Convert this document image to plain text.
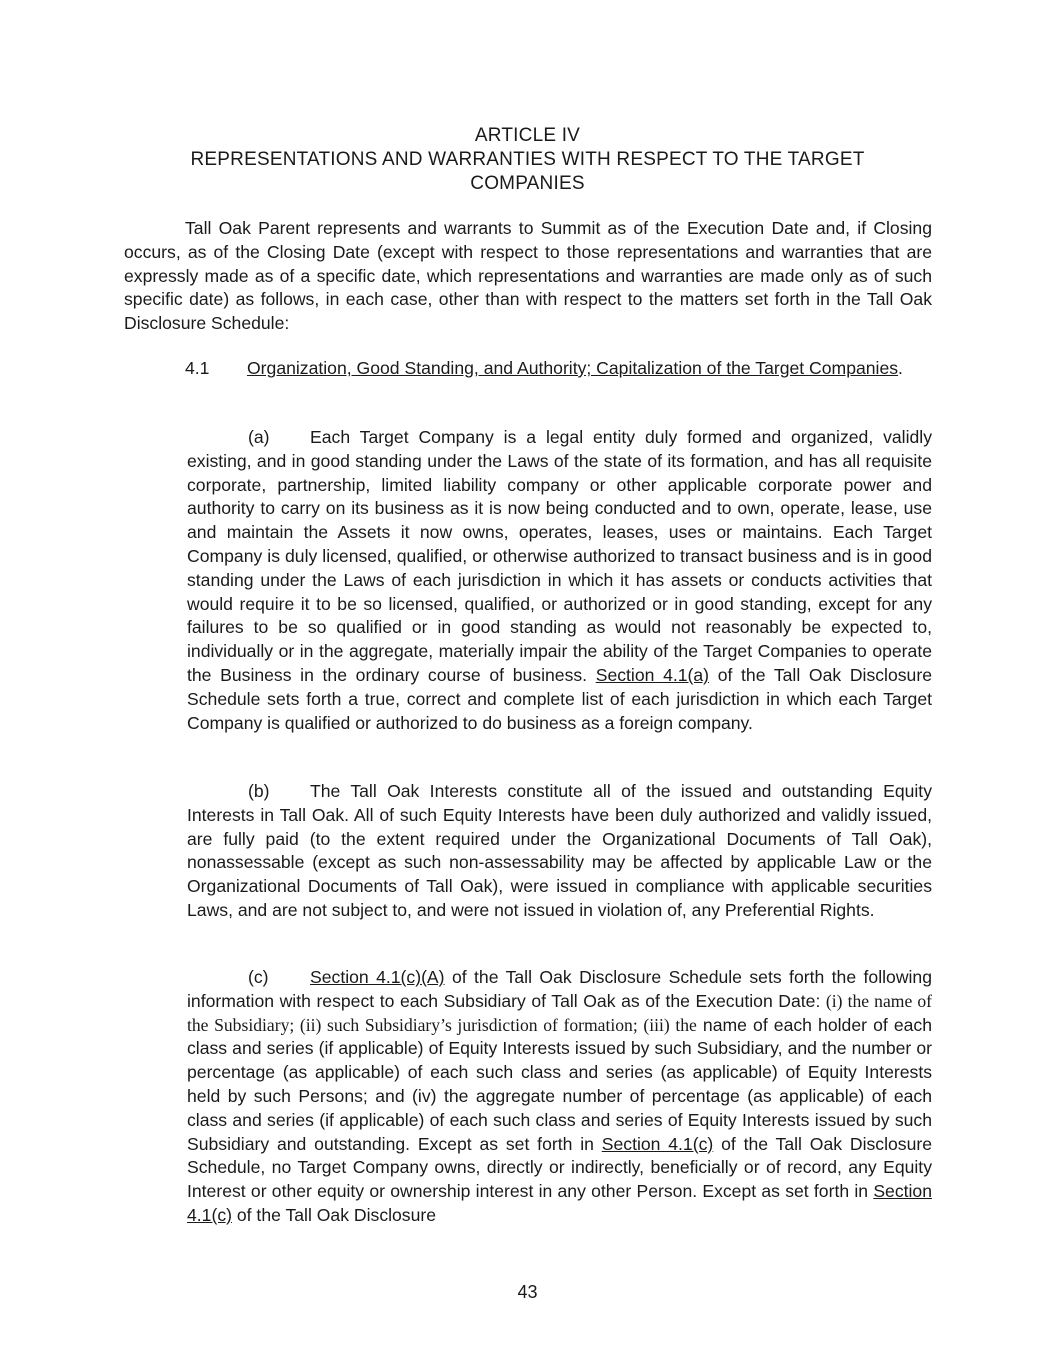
ARTICLE IV
REPRESENTATIONS AND WARRANTIES WITH RESPECT TO THE TARGET
COMPANIES

Tall Oak Parent represents and warrants to Summit as of the Execution Date and, if Closing occurs, as of the Closing Date (except with respect to those representations and warranties that are expressly made as of a specific date, which representations and warranties are made only as of such specific date) as follows, in each case, other than with respect to the matters set forth in the Tall Oak Disclosure Schedule:

4.1 Organization, Good Standing, and Authority; Capitalization of the Target Companies.

(a) Each Target Company is a legal entity duly formed and organized, validly existing, and in good standing under the Laws of the state of its formation, and has all requisite corporate, partnership, limited liability company or other applicable corporate power and authority to carry on its business as it is now being conducted and to own, operate, lease, use and maintain the Assets it now owns, operates, leases, uses or maintains. Each Target Company is duly licensed, qualified, or otherwise authorized to transact business and is in good standing under the Laws of each jurisdiction in which it has assets or conducts activities that would require it to be so licensed, qualified, or authorized or in good standing, except for any failures to be so qualified or in good standing as would not reasonably be expected to, individually or in the aggregate, materially impair the ability of the Target Companies to operate the Business in the ordinary course of business. Section 4.1(a) of the Tall Oak Disclosure Schedule sets forth a true, correct and complete list of each jurisdiction in which each Target Company is qualified or authorized to do business as a foreign company.

(b) The Tall Oak Interests constitute all of the issued and outstanding Equity Interests in Tall Oak. All of such Equity Interests have been duly authorized and validly issued, are fully paid (to the extent required under the Organizational Documents of Tall Oak), nonassessable (except as such non-assessability may be affected by applicable Law or the Organizational Documents of Tall Oak), were issued in compliance with applicable securities Laws, and are not subject to, and were not issued in violation of, any Preferential Rights.

(c) Section 4.1(c)(A) of the Tall Oak Disclosure Schedule sets forth the following information with respect to each Subsidiary of Tall Oak as of the Execution Date: (i) the name of the Subsidiary; (ii) such Subsidiary’s jurisdiction of formation; (iii) the name of each holder of each class and series (if applicable) of Equity Interests issued by such Subsidiary, and the number or percentage (as applicable) of each such class and series (as applicable) of Equity Interests held by such Persons; and (iv) the aggregate number of percentage (as applicable) of each class and series (if applicable) of each such class and series of Equity Interests issued by such Subsidiary and outstanding. Except as set forth in Section 4.1(c) of the Tall Oak Disclosure Schedule, no Target Company owns, directly or indirectly, beneficially or of record, any Equity Interest or other equity or ownership interest in any other Person. Except as set forth in Section 4.1(c) of the Tall Oak Disclosure

43
